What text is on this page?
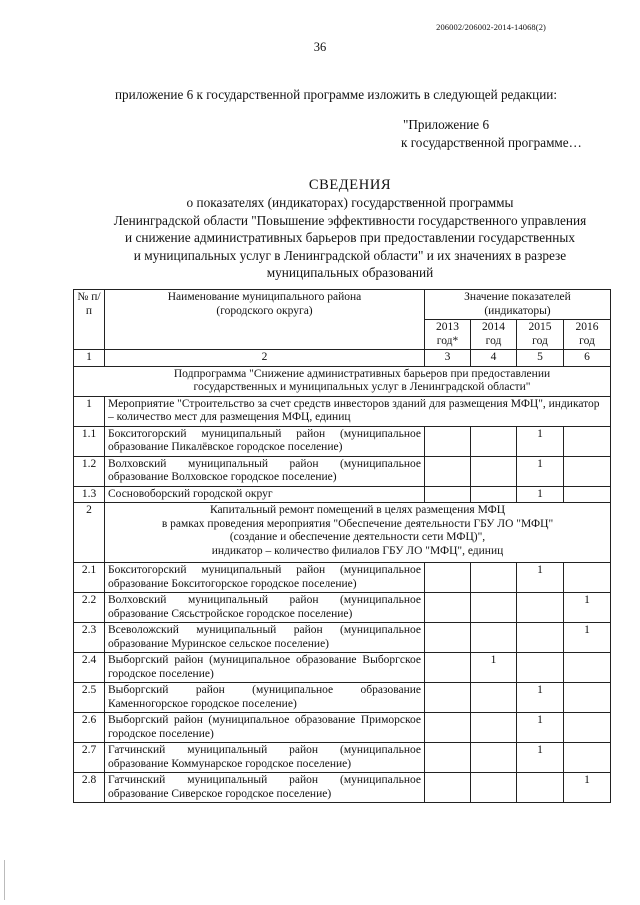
206002/206002-2014-14068(2)
36
приложение 6 к государственной программе изложить в следующей редакции:
"Приложение 6
к государственной программе…
СВЕДЕНИЯ
о показателях (индикаторах) государственной программы
Ленинградской области "Повышение эффективности государственного управления
и снижение административных барьеров при предоставлении государственных
и муниципальных услуг в Ленинградской области" и их значениях в разрезе
муниципальных образований
№ п/п	Наименование муниципального района (городского округа)	Значение показателей (индикаторы)			
		2013 год*	2014 год	2015 год	2016 год
1	2	3	4	5	6
Подпрограмма "Снижение административных барьеров при предоставлении государственных и муниципальных услуг в Ленинградской области"					
1	Мероприятие "Строительство за счет средств инвесторов зданий для размещения МФЦ", индикатор – количество мест для размещения МФЦ, единиц				
1.1	Бокситогорский муниципальный район (муниципальное образование Пикалёвское городское поселение)			1	
1.2	Волховский муниципальный район (муниципальное образование Волховское городское поселение)			1	
1.3	Сосновоборский городской округ			1	
2	Капитальный ремонт помещений в целях размещения МФЦ
в рамках проведения мероприятия "Обеспечение деятельности ГБУ ЛО "МФЦ"
(создание и обеспечение деятельности сети МФЦ)",
индикатор – количество филиалов ГБУ ЛО "МФЦ", единиц				

2.1	Бокситогорский муниципальный район (муниципальное образование Бокситогорское городское поселение)			1	
2.2	Волховский муниципальный район (муниципальное образование Сясьстройское городское поселение)				1
2.3	Всеволожский муниципальный район (муниципальное образование Муринское сельское поселение)				1
2.4	Выборгский район (муниципальное образование Выборгское городское поселение)		1		
2.5	Выборгский район (муниципальное образование Каменногорское городское поселение)			1	
2.6	Выборгский район (муниципальное образование Приморское городское поселение)			1	
2.7	Гатчинский муниципальный район (муниципальное образование Коммунарское городское поселение)			1	
2.8	Гатчинский муниципальный район (муниципальное образование Сиверское городское поселение)				1
